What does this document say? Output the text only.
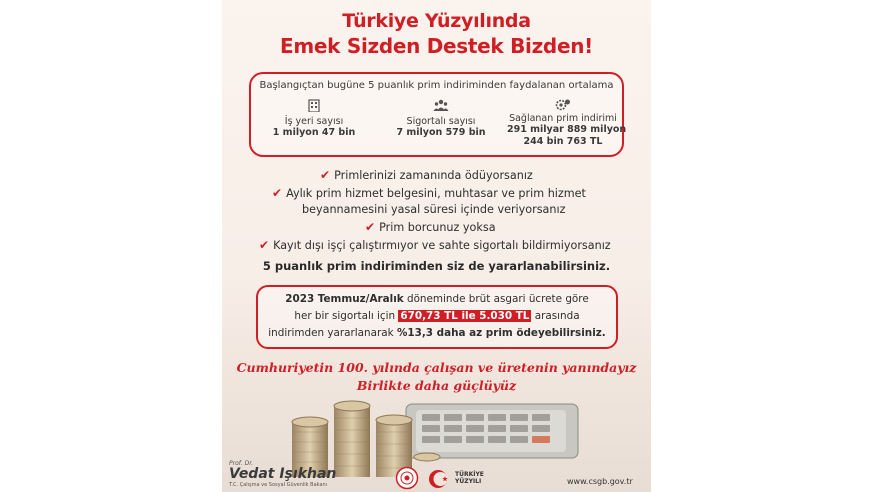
Türkiye Yüzyılında
Emek Sizden Destek Bizden!
Başlangıçtan bugüne 5 puanlık prim indiriminden faydalanan ortalama
İş yeri sayısı
1 milyon 47 bin
Sigortalı sayısı
7 milyon 579 bin
Sağlanan prim indirimi
291 milyar 889 milyon
244 bin 763 TL
✔ Primlerinizi zamanında ödüyorsanız
✔ Aylık prim hizmet belgesini, muhtasar ve prim hizmet
beyannamesini yasal süresi içinde veriyorsanız
✔ Prim borcunuz yoksa
✔ Kayıt dışı işçi çalıştırmıyor ve sahte sigortalı bildirmiyorsanız
5 puanlık prim indiriminden siz de yararlanabilirsiniz.
2023 Temmuz/Aralık döneminde brüt asgari ücrete göre
her bir sigortalı için 670,73 TL ile 5.030 TL arasında
indirimden yararlanarak %13,3 daha az prim ödeyebilirsiniz.
Cumhuriyetin 100. yılında çalışan ve üretenin yanındayız
Birlikte daha güçlüyüz
Prof. Dr.
Vedat Işıkhan
T.C. Çalışma ve Sosyal Güvenlik Bakanı
TÜRKİYE
YÜZYILI	www.csgb.gov.tr
